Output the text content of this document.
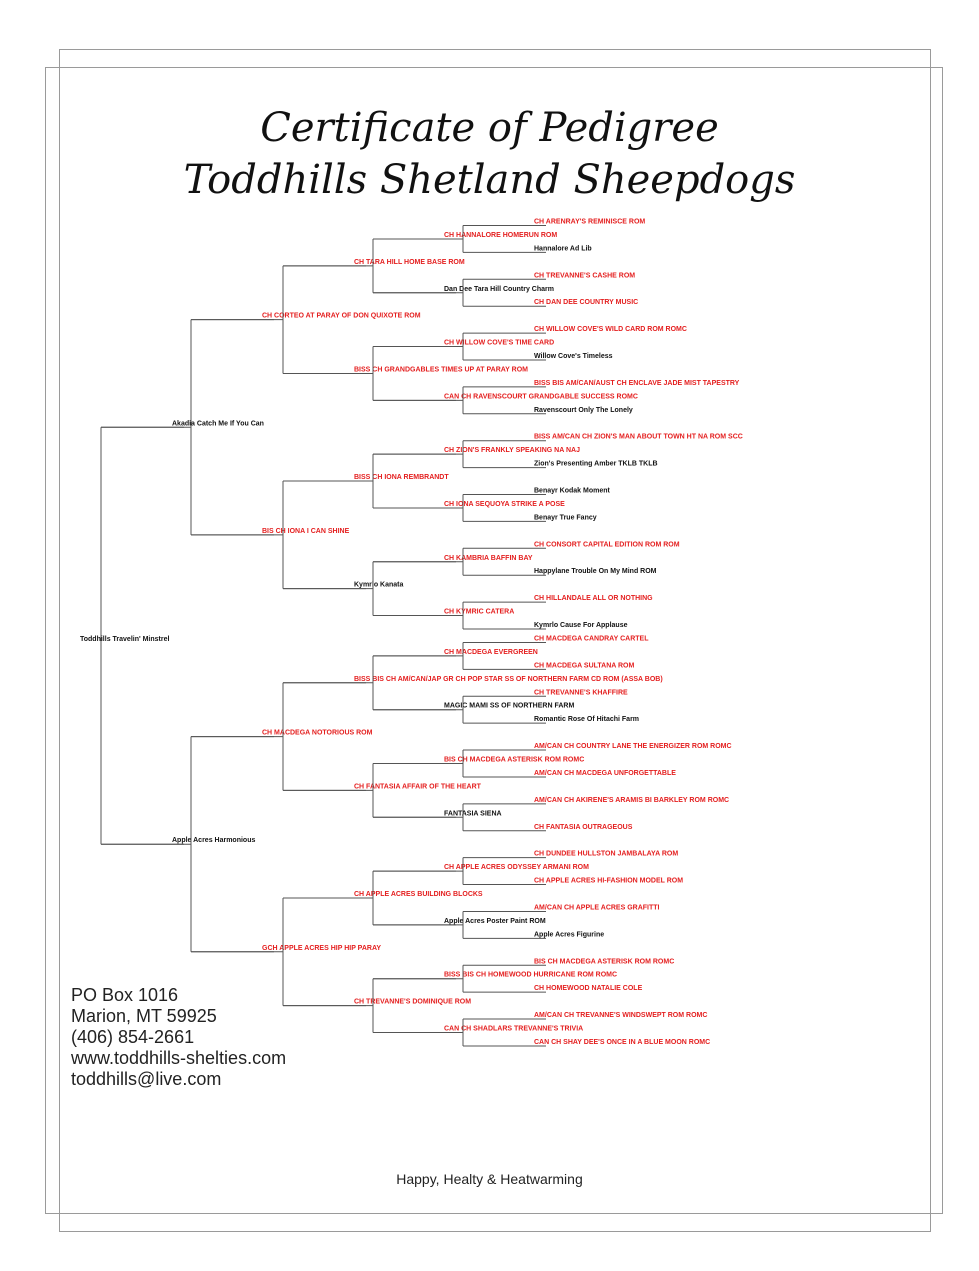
Certificate of Pedigree
Toddhills Shetland Sheepdogs
Toddhills Travelin' Minstrel
Akadia Catch Me If You Can
CH CORTEO AT PARAY OF DON QUIXOTE ROM
CH TARA HILL HOME BASE ROM
CH HANNALORE HOMERUN ROM
CH ARENRAY'S REMINISCE ROM
Hannalore Ad Lib
Dan Dee Tara Hill Country Charm
CH TREVANNE'S CASHE ROM
CH DAN DEE COUNTRY MUSIC
BISS CH GRANDGABLES TIMES UP AT PARAY ROM
CH WILLOW COVE'S TIME CARD
CH WILLOW COVE'S WILD CARD ROM ROMC
Willow Cove's Timeless
CAN CH RAVENSCOURT GRANDGABLE SUCCESS ROMC
BISS BIS AM/CAN/AUST CH ENCLAVE JADE MIST TAPESTRY
Ravenscourt Only The Lonely
BIS CH IONA I CAN SHINE
BISS CH IONA REMBRANDT
CH ZION'S FRANKLY SPEAKING NA NAJ
BISS AM/CAN CH ZION'S MAN ABOUT TOWN HT NA ROM SCC
Zion's Presenting Amber TKLB TKLB
CH IONA SEQUOYA STRIKE A POSE
Benayr Kodak Moment
Benayr True Fancy
Kymrlo Kanata
CH KAMBRIA BAFFIN BAY
CH CONSORT CAPITAL EDITION ROM ROM
Happylane Trouble On My Mind ROM
CH KYMRIC CATERA
CH HILLANDALE ALL OR NOTHING
Kymrlo Cause For Applause
Apple Acres Harmonious
CH MACDEGA NOTORIOUS ROM
BISS BIS CH AM/CAN/JAP GR CH POP STAR SS OF NORTHERN FARM CD ROM (ASSA BOB)
CH MACDEGA EVERGREEN
CH MACDEGA CANDRAY CARTEL
CH MACDEGA SULTANA ROM
MAGIC MAMI SS OF NORTHERN FARM
CH TREVANNE'S KHAFFIRE
Romantic Rose Of Hitachi Farm
CH FANTASIA AFFAIR OF THE HEART
BIS CH MACDEGA ASTERISK ROM ROMC
AM/CAN CH COUNTRY LANE THE ENERGIZER ROM ROMC
AM/CAN CH MACDEGA UNFORGETTABLE
FANTASIA SIENA
AM/CAN CH AKIRENE'S ARAMIS BI BARKLEY ROM ROMC
CH FANTASIA OUTRAGEOUS
GCH APPLE ACRES HIP HIP PARAY
CH APPLE ACRES BUILDING BLOCKS
CH APPLE ACRES ODYSSEY ARMANI ROM
CH DUNDEE HULLSTON JAMBALAYA ROM
CH APPLE ACRES HI-FASHION MODEL ROM
Apple Acres Poster Paint ROM
AM/CAN CH APPLE ACRES GRAFITTI
Apple Acres Figurine
CH TREVANNE'S DOMINIQUE ROM
BISS BIS CH HOMEWOOD HURRICANE ROM ROMC
BIS CH MACDEGA ASTERISK ROM ROMC
CH HOMEWOOD NATALIE COLE
CAN CH SHADLARS TREVANNE'S TRIVIA
AM/CAN CH TREVANNE'S WINDSWEPT ROM ROMC
CAN CH SHAY DEE'S ONCE IN A BLUE MOON ROMC
PO Box 1016
Marion, MT 59925
(406) 854-2661
www.toddhills-shelties.com
toddhills@live.com
Happy, Healty & Heatwarming
